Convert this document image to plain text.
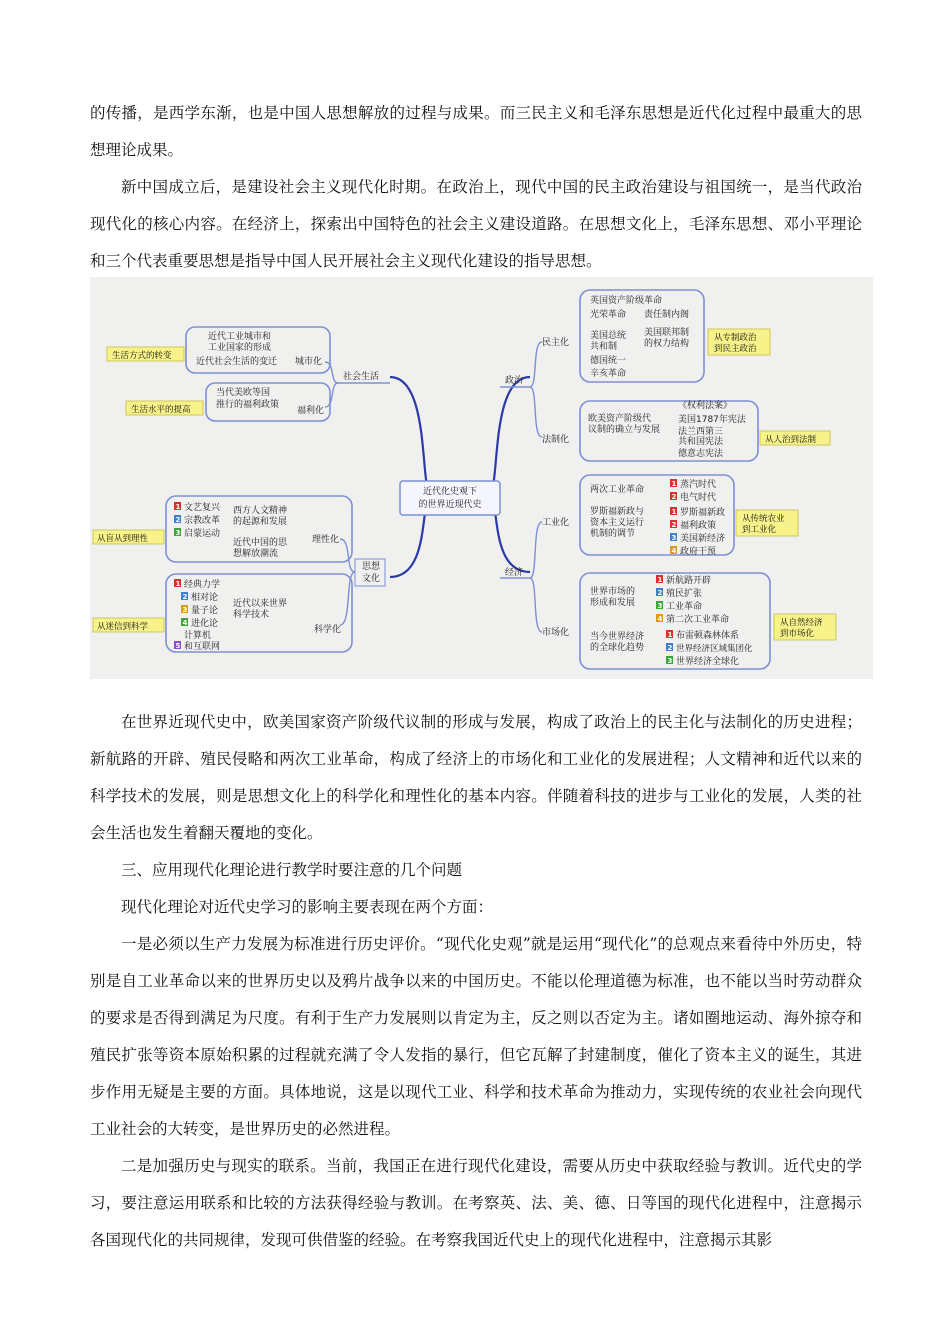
的传播，是西学东渐，也是中国人思想解放的过程与成果。而三民主义和毛泽东思想是近代化过程中最重大的思想理论成果。

新中国成立后，是建设社会主义现代化时期。在政治上，现代中国的民主政治建设与祖国统一，是当代政治现代化的核心内容。在经济上，探索出中国特色的社会主义建设道路。在思想文化上，毛泽东思想、邓小平理论和三个代表重要思想是指导中国人民开展社会主义现代化建设的指导思想。

近代化史观下
的世界近现代史
社会生活
近代工业城市和
工业国家的形成
近代社会生活的变迁 城市化
生活方式的转变
当代美欧等国
推行的福利政策
福利化
生活水平的提高
思想
文化
1 文艺复兴
2 宗教改革
3 启蒙运动
西方人文精神
的起源和发展
近代中国的思
想解放潮流
理性化
从盲从到理性
1 经典力学
2 相对论
3 量子论
4 进化论
计算机
5 和互联网
近代以来世界
科学技术
科学化
从迷信到科学
政治
民主化
英国资产阶级革命
光荣革命 责任制内阁
美国总统
共和制
美国联邦制
的权力结构
德国统一
辛亥革命
从专制政治
到民主政治
法制化
欧美资产阶级代
议制的确立与发展
《权利法案》
美国1787年宪法
法兰西第三
共和国宪法
德意志宪法
从人治到法制
经济
工业化
两次工业革命
罗斯福新政与
资本主义运行
机制的调节
1 蒸汽时代
2 电气时代
1 罗斯福新政
2 福利政策
3 美国新经济
4 政府干预
从传统农业
到工业化
市场化
世界市场的
形成和发展
当今世界经济
的全球化趋势
1 新航路开辟
2 殖民扩张
3 工业革命
4 第二次工业革命
1 布雷顿森林体系
2 世界经济区域集团化
3 世界经济全球化
从自然经济
到市场化

在世界近现代史中，欧美国家资产阶级代议制的形成与发展，构成了政治上的民主化与法制化的历史进程；新航路的开辟、殖民侵略和两次工业革命，构成了经济上的市场化和工业化的发展进程；人文精神和近代以来的科学技术的发展，则是思想文化上的科学化和理性化的基本内容。伴随着科技的进步与工业化的发展，人类的社会生活也发生着翻天覆地的变化。

三、应用现代化理论进行教学时要注意的几个问题

现代化理论对近代史学习的影响主要表现在两个方面：

一是必须以生产力发展为标准进行历史评价。“现代化史观”就是运用“现代化”的总观点来看待中外历史，特别是自工业革命以来的世界历史以及鸦片战争以来的中国历史。不能以伦理道德为标准，也不能以当时劳动群众的要求是否得到满足为尺度。有利于生产力发展则以肯定为主，反之则以否定为主。诸如圈地运动、海外掠夺和殖民扩张等资本原始积累的过程就充满了令人发指的暴行，但它瓦解了封建制度，催化了资本主义的诞生，其进步作用无疑是主要的方面。具体地说，这是以现代工业、科学和技术革命为推动力，实现传统的农业社会向现代工业社会的大转变，是世界历史的必然进程。

二是加强历史与现实的联系。当前，我国正在进行现代化建设，需要从历史中获取经验与教训。近代史的学习，要注意运用联系和比较的方法获得经验与教训。在考察英、法、美、德、日等国的现代化进程中，注意揭示各国现代化的共同规律，发现可供借鉴的经验。在考察我国近代史上的现代化进程中，注意揭示其影
